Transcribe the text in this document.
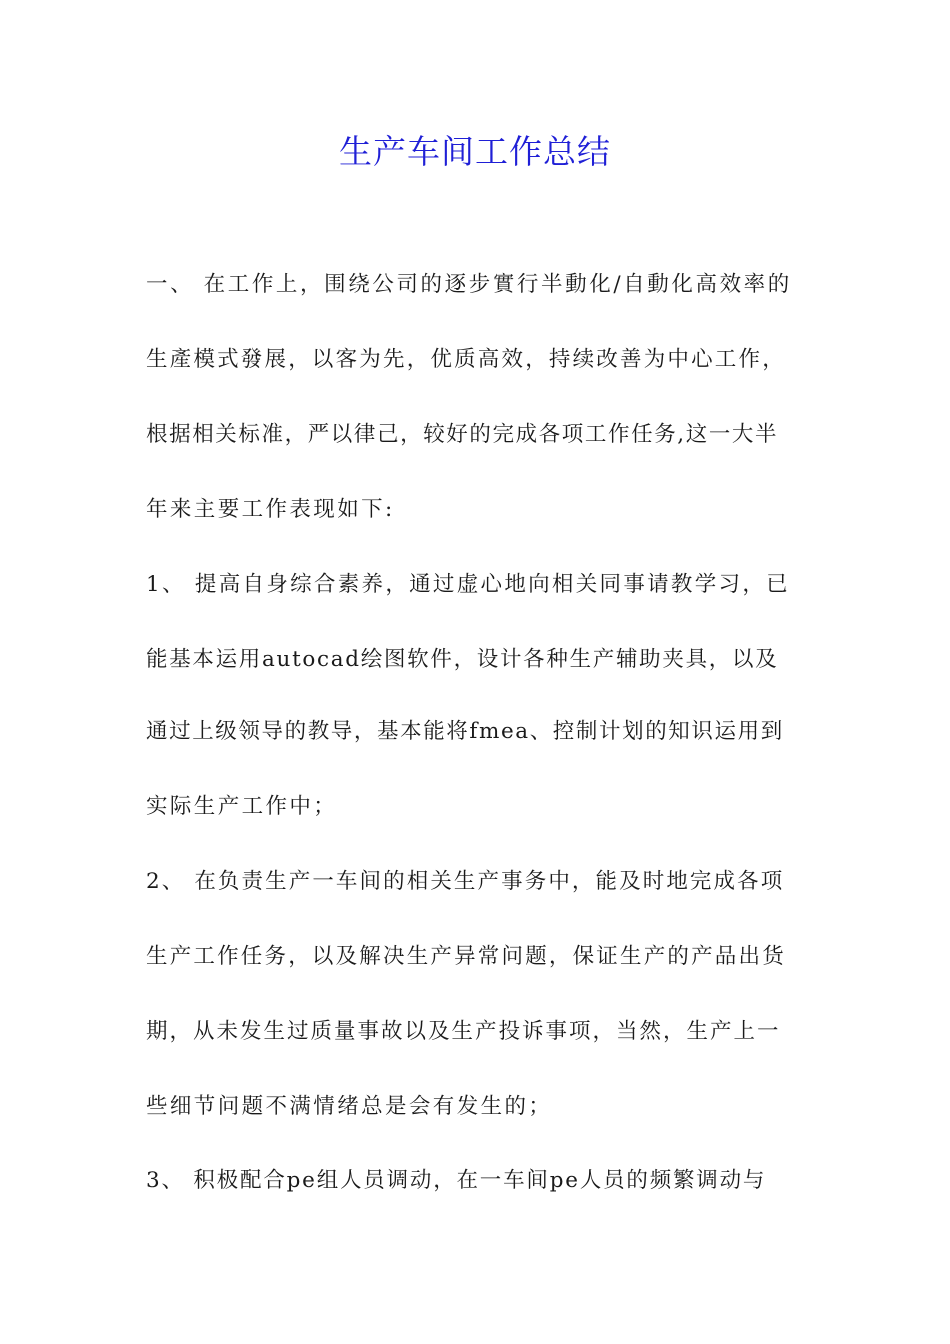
生产车间工作总结

一、 在工作上，围绕公司的逐步實行半動化/自動化高效率的

生產模式發展，以客为先，优质高效，持续改善为中心工作，

根据相关标准，严以律己，较好的完成各项工作任务,这一大半

年来主要工作表现如下:

1、 提高自身综合素养，通过虚心地向相关同事请教学习，已

能基本运用autocad绘图软件，设计各种生产辅助夹具，以及

通过上级领导的教导，基本能将fmea、控制计划的知识运用到

实际生产工作中；

2、 在负责生产一车间的相关生产事务中，能及时地完成各项

生产工作任务，以及解决生产异常问题，保证生产的产品出货

期，从未发生过质量事故以及生产投诉事项，当然，生产上一

些细节问题不满情绪总是会有发生的；

3、 积极配合pe组人员调动，在一车间pe人员的频繁调动与
